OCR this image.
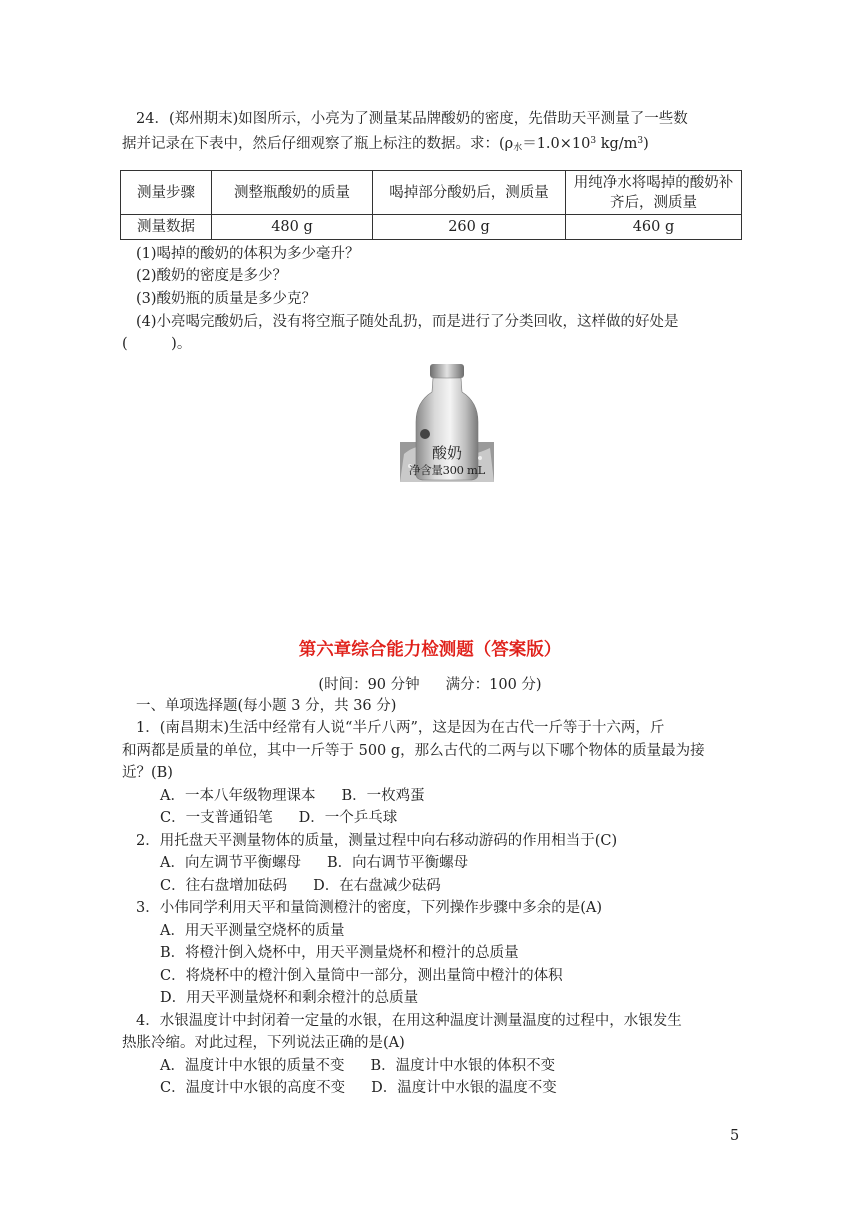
24．(郑州期末)如图所示，小亮为了测量某品牌酸奶的密度，先借助天平测量了一些数
据并记录在下表中，然后仔细观察了瓶上标注的数据。求：($\rho_水=1.0\times 10^3$ $kg/m^3$)
测量步骤	测整瓶酸奶的质量	喝掉部分酸奶后，测质量	用纯净水将喝掉的酸奶补
齐后，测质量

测量数据	480 g	260 g	460 g
(1)喝掉的酸奶的体积为多少毫升？
(2)酸奶的密度是多少？
(3)酸奶瓶的质量是多少克？
(4)小亮喝完酸奶后，没有将空瓶子随处乱扔，而是进行了分类回收，这样做的好处是
(　　　)。
酸奶
净含量300 mL
第六章综合能力检测题（答案版）
(时间：90 分钟 满分：100 分)
一、单项选择题(每小题 3 分，共 36 分)
1．(南昌期末)生活中经常有人说“半斤八两”，这是因为在古代一斤等于十六两，斤
和两都是质量的单位，其中一斤等于 500 g，那么古代的二两与以下哪个物体的质量最为接
近？(B)
A．一本八年级物理课本 B．一枚鸡蛋
C．一支普通铅笔 D．一个乒乓球
2．用托盘天平测量物体的质量，测量过程中向右移动游码的作用相当于(C)
A．向左调节平衡螺母 B．向右调节平衡螺母
C．往右盘增加砝码 D．在右盘减少砝码
3．小伟同学利用天平和量筒测橙汁的密度，下列操作步骤中多余的是(A)
A．用天平测量空烧杯的质量
B．将橙汁倒入烧杯中，用天平测量烧杯和橙汁的总质量
C．将烧杯中的橙汁倒入量筒中一部分，测出量筒中橙汁的体积
D．用天平测量烧杯和剩余橙汁的总质量
4．水银温度计中封闭着一定量的水银，在用这种温度计测量温度的过程中，水银发生
热胀冷缩。对此过程，下列说法正确的是(A)
A．温度计中水银的质量不变 B．温度计中水银的体积不变
C．温度计中水银的高度不变 D．温度计中水银的温度不变
5
